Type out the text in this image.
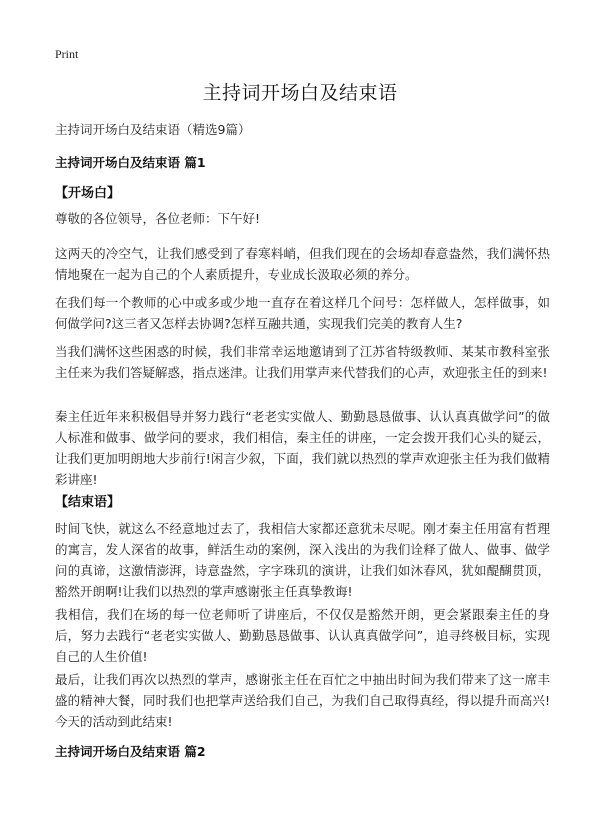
Print
主持词开场白及结束语
主持词开场白及结束语（精选9篇）
主持词开场白及结束语 篇1
【开场白】

尊敬的各位领导，各位老师：下午好!

这两天的冷空气，让我们感受到了春寒料峭，但我们现在的会场却春意盎然，我们满怀热情地聚在一起为自己的个人素质提升，专业成长汲取必须的养分。

在我们每一个教师的心中或多或少地一直存在着这样几个问号：怎样做人，怎样做事，如何做学问?这三者又怎样去协调?怎样互融共通，实现我们完美的教育人生?

当我们满怀这些困惑的时候，我们非常幸运地邀请到了江苏省特级教师、某某市教科室张主任来为我们答疑解惑，指点迷津。让我们用掌声来代替我们的心声，欢迎张主任的到来!

秦主任近年来积极倡导并努力践行“老老实实做人、勤勤恳恳做事、认认真真做学问”的做人标准和做事、做学问的要求，我们相信，秦主任的讲座，一定会拨开我们心头的疑云，让我们更加明朗地大步前行!闲言少叙，下面，我们就以热烈的掌声欢迎张主任为我们做精彩讲座!

【结束语】

时间飞快，就这么不经意地过去了，我相信大家都还意犹未尽呢。刚才秦主任用富有哲理的寓言，发人深省的故事，鲜活生动的案例，深入浅出的为我们诠释了做人、做事、做学问的真谛，这激情澎湃，诗意盎然，字字珠玑的演讲，让我们如沐春风，犹如醍醐贯顶，豁然开朗啊!让我们以热烈的掌声感谢张主任真挚教诲!

我相信，我们在场的每一位老师听了讲座后，不仅仅是豁然开朗，更会紧跟秦主任的身后，努力去践行“老老实实做人、勤勤恳恳做事、认认真真做学问”，追寻终极目标，实现自己的人生价值!

最后，让我们再次以热烈的掌声，感谢张主任在百忙之中抽出时间为我们带来了这一席丰盛的精神大餐，同时我们也把掌声送给我们自己，为我们自己取得真经，得以提升而高兴!今天的活动到此结束!

主持词开场白及结束语 篇2
